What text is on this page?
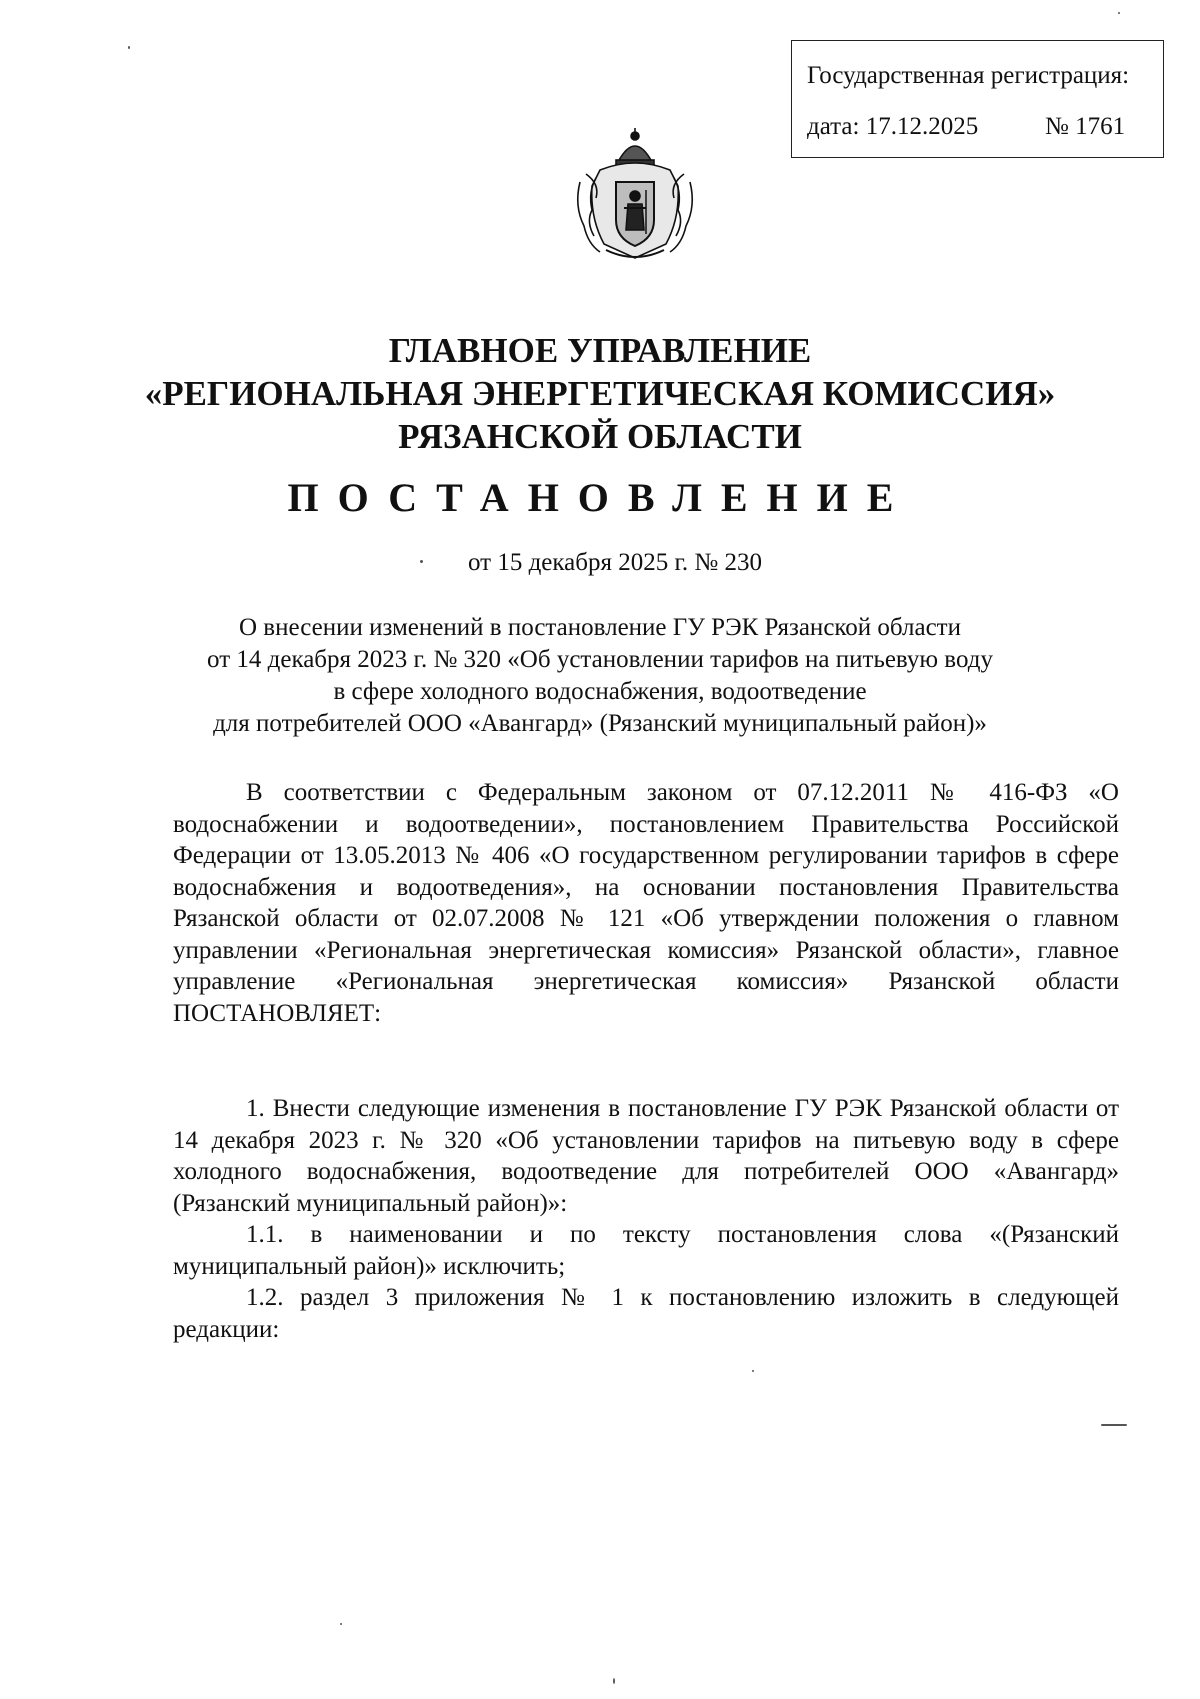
Государственная регистрация:
дата: 17.12.2025	№ 1761
ГЛАВНОЕ УПРАВЛЕНИЕ
«РЕГИОНАЛЬНАЯ ЭНЕРГЕТИЧЕСКАЯ КОМИССИЯ»
РЯЗАНСКОЙ ОБЛАСТИ
ПОСТАНОВЛЕНИЕ
от 15 декабря 2025 г. № 230
О внесении изменений в постановление ГУ РЭК Рязанской области
от 14 декабря 2023 г. № 320 «Об установлении тарифов на питьевую воду
в сфере холодного водоснабжения, водоотведение
для потребителей ООО «Авангард» (Рязанский муниципальный район)»

В соответствии с Федеральным законом от 07.12.2011 № 416-ФЗ «О водоснабжении и водоотведении», постановлением Правительства Российской Федерации от 13.05.2013 № 406 «О государственном регулировании тарифов в сфере водоснабжения и водоотведения», на основании постановления Правительства Рязанской области от 02.07.2008 № 121 «Об утверждении положения о главном управлении «Региональная энергетическая комиссия» Рязанской области», главное управление «Региональная энергетическая комиссия» Рязанской области

ПОСТАНОВЛЯЕТ:

1. Внести следующие изменения в постановление ГУ РЭК Рязанской области от 14 декабря 2023 г. № 320 «Об установлении тарифов на питьевую воду в сфере холодного водоснабжения, водоотведение для потребителей ООО «Авангард» (Рязанский муниципальный район)»:

1.1. в наименовании и по тексту постановления слова «(Рязанский муниципальный район)» исключить;

1.2. раздел 3 приложения № 1 к постановлению изложить в следующей редакции:
